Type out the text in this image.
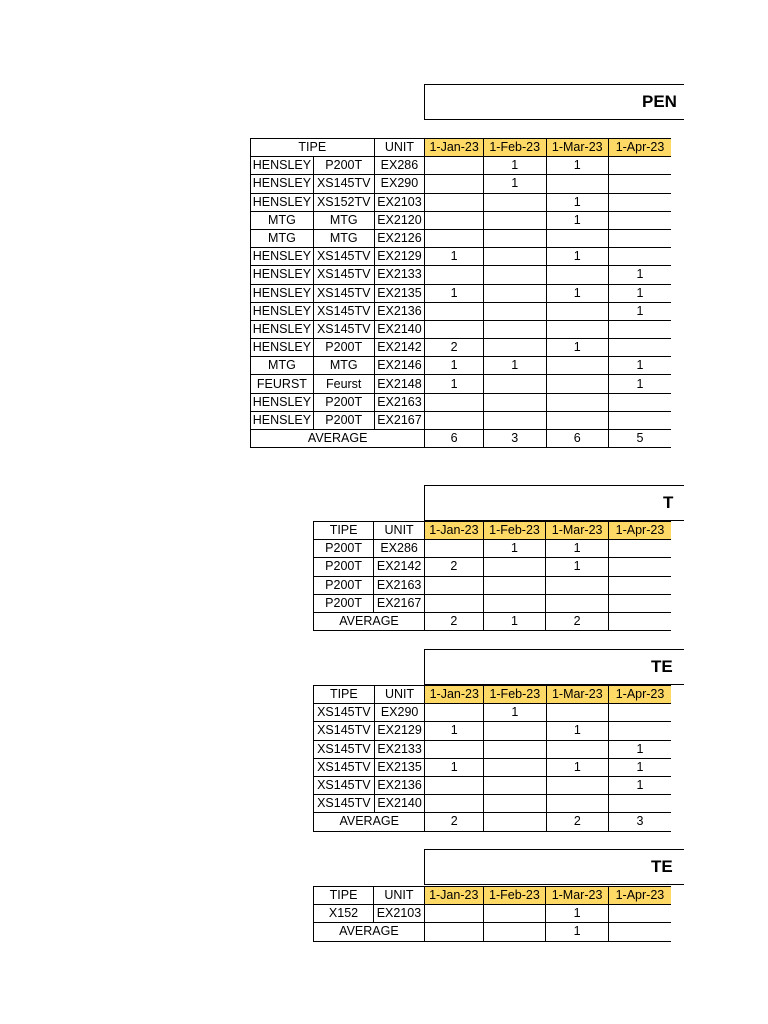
PEN
TIPE		UNIT	1-Jan-23	1-Feb-23	1-Mar-23	1-Apr-23
HENSLEY	P200T	EX286		1	1	
HENSLEY	XS145TV	EX290		1		
HENSLEY	XS152TV	EX2103			1	
MTG	MTG	EX2120			1	
MTG	MTG	EX2126				
HENSLEY	XS145TV	EX2129	1		1	
HENSLEY	XS145TV	EX2133				1
HENSLEY	XS145TV	EX2135	1		1	1
HENSLEY	XS145TV	EX2136				1
HENSLEY	XS145TV	EX2140				
HENSLEY	P200T	EX2142	2		1	
MTG	MTG	EX2146	1	1		1
FEURST	Feurst	EX2148	1			1
HENSLEY	P200T	EX2163				
HENSLEY	P200T	EX2167				
AVERAGE			6	3	6	5
T
TIPE	UNIT	1-Jan-23	1-Feb-23	1-Mar-23	1-Apr-23
P200T	EX286		1	1	
P200T	EX2142	2		1	
P200T	EX2163				
P200T	EX2167				
AVERAGE		2	1	2	
TE
TIPE	UNIT	1-Jan-23	1-Feb-23	1-Mar-23	1-Apr-23
XS145TV	EX290		1		
XS145TV	EX2129	1		1	
XS145TV	EX2133				1
XS145TV	EX2135	1		1	1
XS145TV	EX2136				1
XS145TV	EX2140				
AVERAGE		2		2	3
TE
TIPE	UNIT	1-Jan-23	1-Feb-23	1-Mar-23	1-Apr-23
X152	EX2103			1	
AVERAGE				1	
